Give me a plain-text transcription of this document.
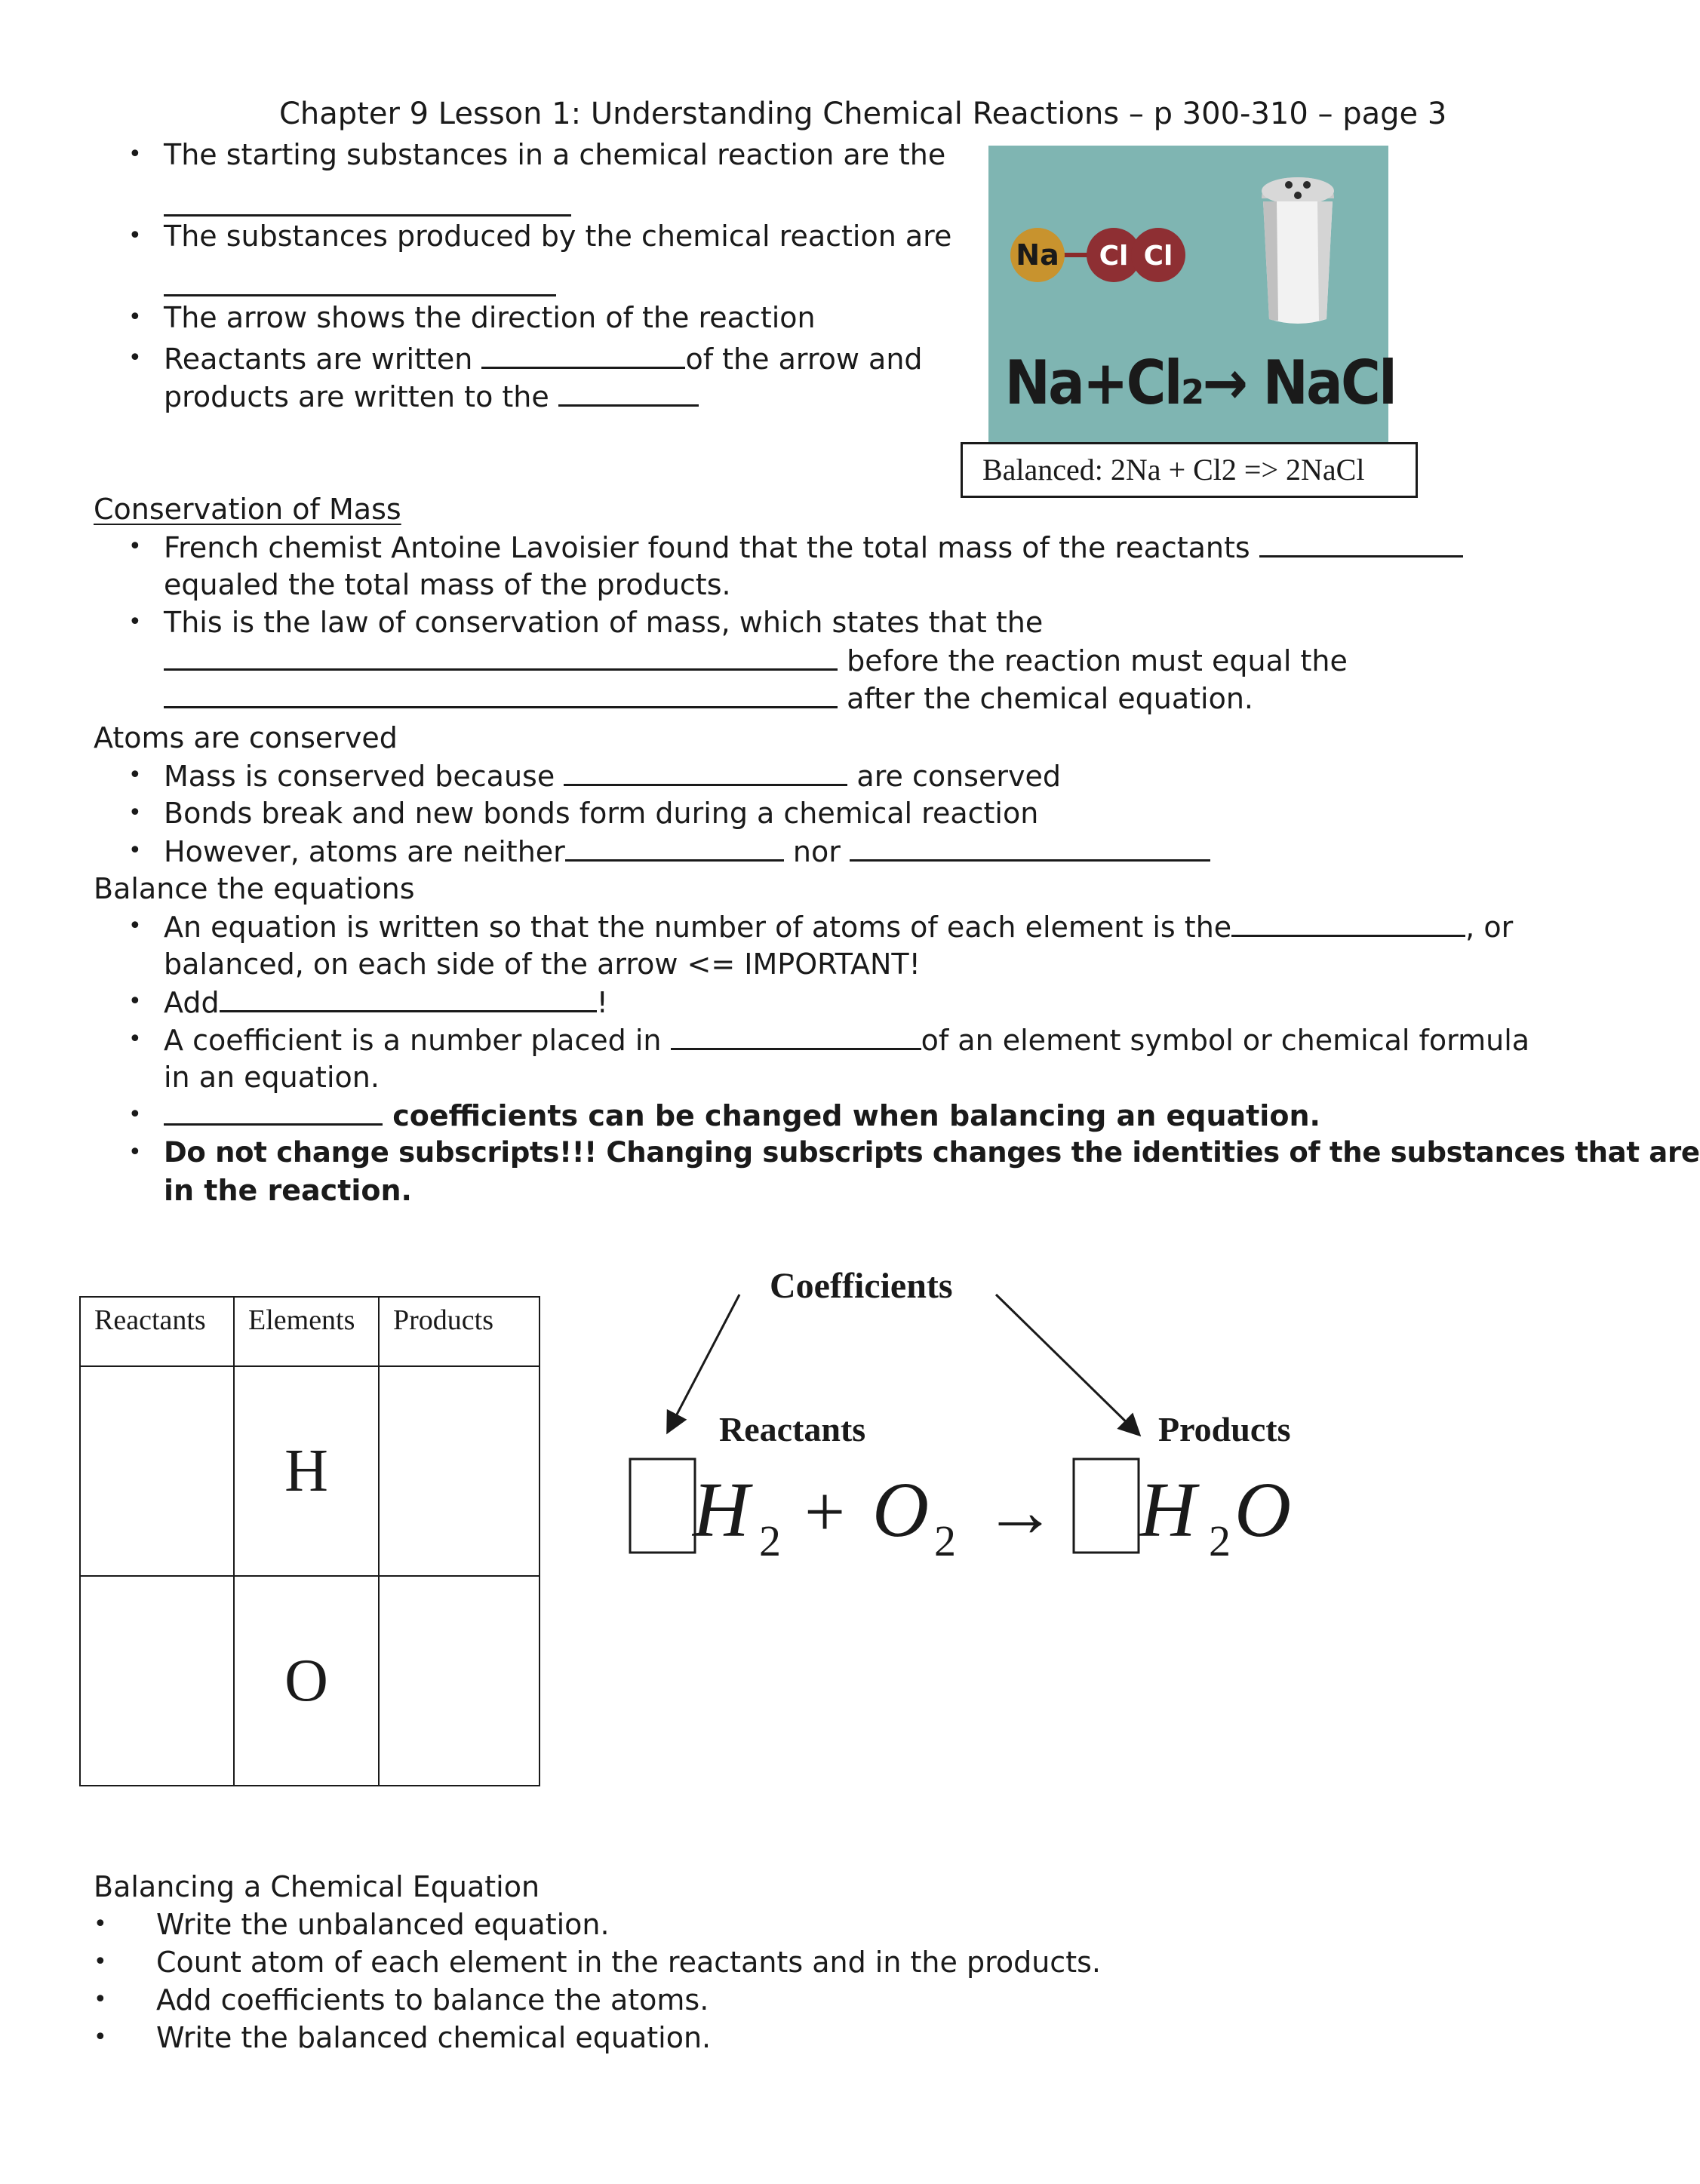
Chapter 9 Lesson 1: Understanding Chemical Reactions – p 300-310 – page 3
• The starting substances in a chemical reaction are the
• The substances produced by the chemical reaction are
• The arrow shows the direction of the reaction
• Reactants are written	of the arrow and
products are written to the
Na Cl Cl
Na+Cl₂→ NaCl
Balanced: 2Na + Cl2 => 2NaCl
Conservation of Mass
• French chemist Antoine Lavoisier found that the total mass of the reactants
equaled the total mass of the products.
• This is the law of conservation of mass, which states that the
before the reaction must equal the
after the chemical equation.
Atoms are conserved
• Mass is conserved because	are conserved
• Bonds break and new bonds form during a chemical reaction
• However, atoms are neither	nor
Balance the equations
• An equation is written so that the number of atoms of each element is the	, or
balanced, on each side of the arrow <= IMPORTANT!
• Add	!
• A coefficient is a number placed in	of an element symbol or chemical formula
in an equation.
•	coefficients can be changed when balancing an equation.
• Do not change subscripts!!! Changing subscripts changes the identities of the substances that are
in the reaction.
Reactants	Elements	Products
	H	
	O	
Coefficients
Reactants	Products
H 2 + O 2 → H 2 O
Balancing a Chemical Equation
• Write the unbalanced equation.
• Count atom of each element in the reactants and in the products.
• Add coefficients to balance the atoms.
• Write the balanced chemical equation.
